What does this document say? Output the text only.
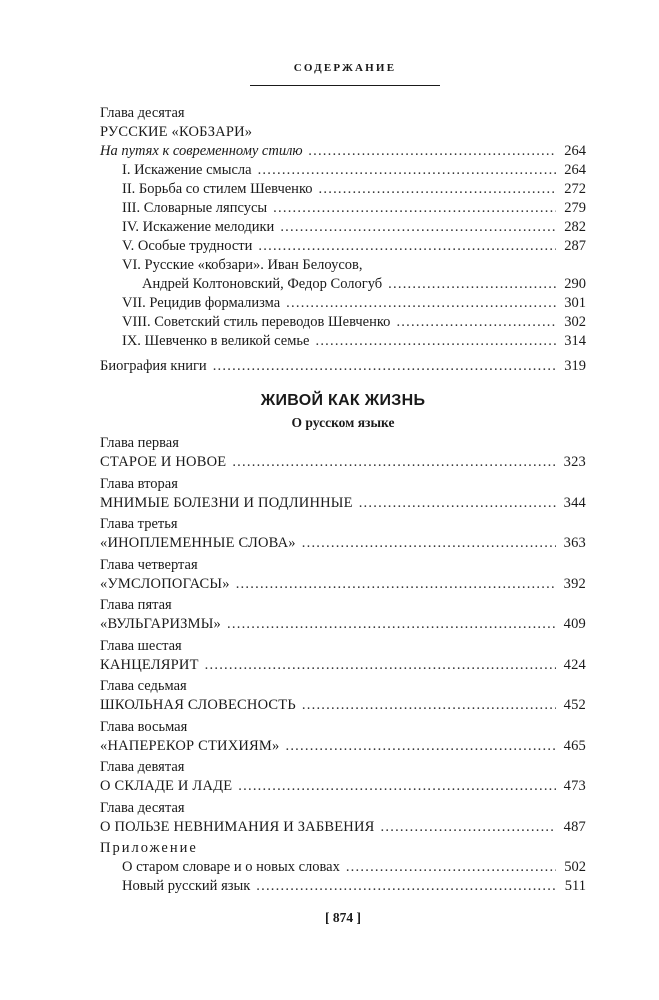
СОДЕРЖАНИЕ
Глава десятая
РУССКИЕ «КОБЗАРИ»
На путях к современному стилю . . .	264
I. Искажение смысла . . .	264
II. Борьба со стилем Шевченко . . .	272
III. Словарные ляпсусы . . .	279
IV. Искажение мелодики . . .	282
V. Особые трудности . . .	287
VI. Русские «кобзари». Иван Белоусов,
Андрей Колтоновский, Федор Сологуб . . .	290
VII. Рецидив формализма . . .	301
VIII. Советский стиль переводов Шевченко . . .	302
IX. Шевченко в великой семье . . .	314
Биография книги . . .	319
ЖИВОЙ КАК ЖИЗНЬ
О русском языке
Глава первая
СТАРОЕ И НОВОЕ . . .	323
Глава вторая
МНИМЫЕ БОЛЕЗНИ И ПОДЛИННЫЕ . . .	344
Глава третья
«ИНОПЛЕМЕННЫЕ СЛОВА» . . .	363
Глава четвертая
«УМСЛОПОГАСЫ» . . .	392
Глава пятая
«ВУЛЬГАРИЗМЫ» . . .	409
Глава шестая
КАНЦЕЛЯРИТ . . .	424
Глава седьмая
ШКОЛЬНАЯ СЛОВЕСНОСТЬ . . .	452
Глава восьмая
«НАПЕРЕКОР СТИХИЯМ» . . .	465
Глава девятая
О СКЛАДЕ И ЛАДЕ . . .	473
Глава десятая
О ПОЛЬЗЕ НЕВНИМАНИЯ И ЗАБВЕНИЯ . . .	487
Приложение
О старом словаре и о новых словах . . .	502
Новый русский язык . . .	511
[ 874 ]
